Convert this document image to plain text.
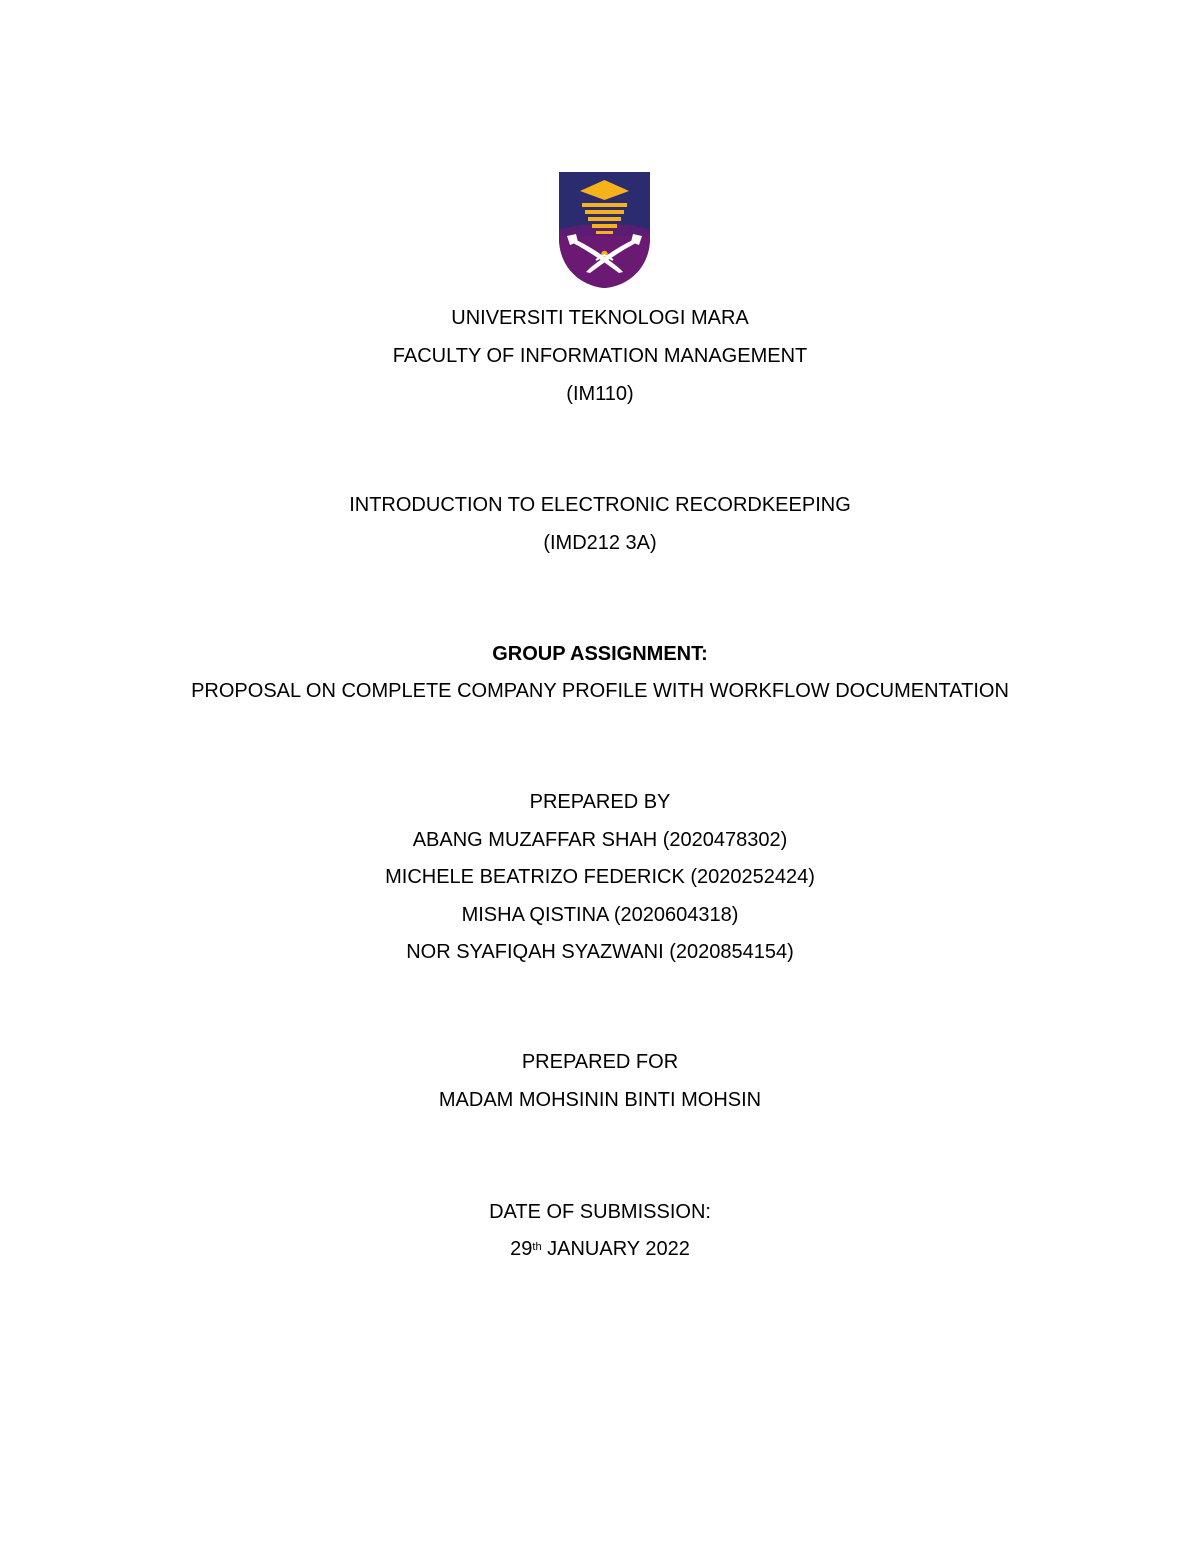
UNIVERSITI TEKNOLOGI MARA
FACULTY OF INFORMATION MANAGEMENT
(IM110)
INTRODUCTION TO ELECTRONIC RECORDKEEPING
(IMD212 3A)
GROUP ASSIGNMENT:
PROPOSAL ON COMPLETE COMPANY PROFILE WITH WORKFLOW DOCUMENTATION
PREPARED BY
ABANG MUZAFFAR SHAH (2020478302)
MICHELE BEATRIZO FEDERICK (2020252424)
MISHA QISTINA (2020604318)
NOR SYAFIQAH SYAZWANI (2020854154)
PREPARED FOR
MADAM MOHSININ BINTI MOHSIN
DATE OF SUBMISSION:
29th JANUARY 2022
